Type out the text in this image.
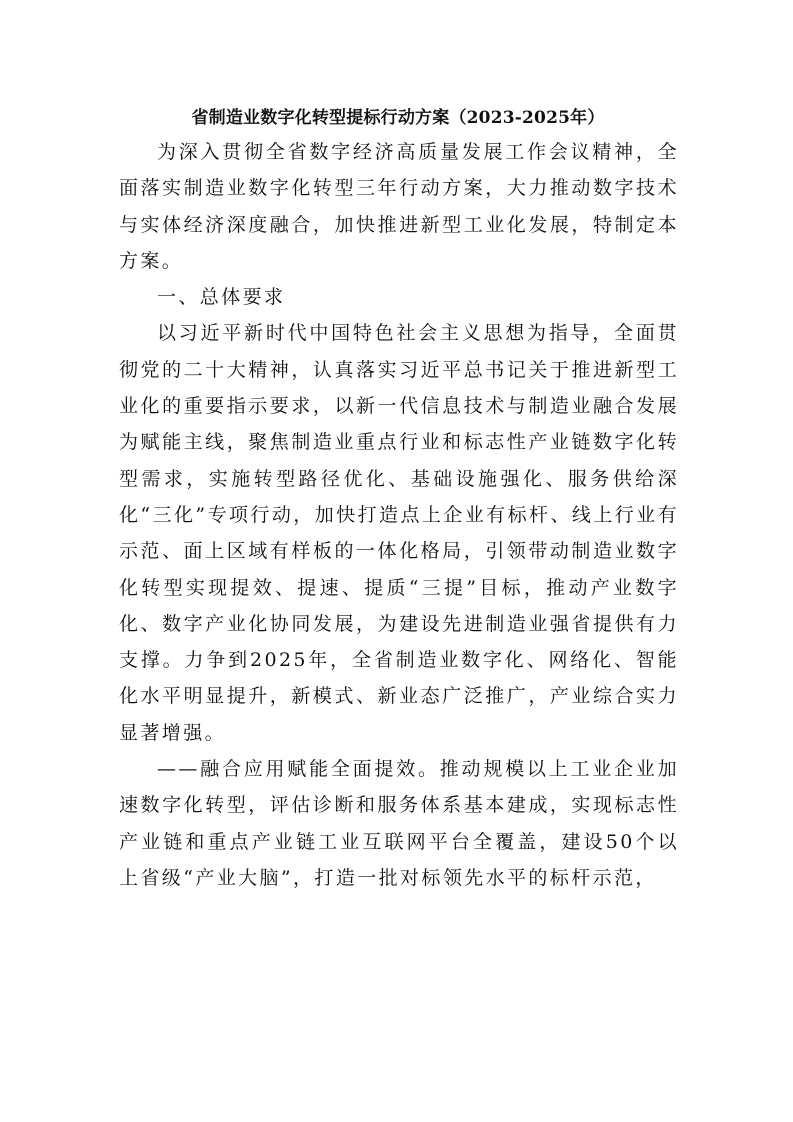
省制造业数字化转型提标行动方案（2023-2025年）

为深入贯彻全省数字经济高质量发展工作会议精神，全面落实制造业数字化转型三年行动方案，大力推动数字技术与实体经济深度融合，加快推进新型工业化发展，特制定本方案。

一、总体要求

以习近平新时代中国特色社会主义思想为指导，全面贯彻党的二十大精神，认真落实习近平总书记关于推进新型工业化的重要指示要求，以新一代信息技术与制造业融合发展为赋能主线，聚焦制造业重点行业和标志性产业链数字化转型需求，实施转型路径优化、基础设施强化、服务供给深化“三化”专项行动，加快打造点上企业有标杆、线上行业有示范、面上区域有样板的一体化格局，引领带动制造业数字化转型实现提效、提速、提质“三提”目标，推动产业数字化、数字产业化协同发展，为建设先进制造业强省提供有力支撑。力争到2025年，全省制造业数字化、网络化、智能化水平明显提升，新模式、新业态广泛推广，产业综合实力显著增强。

——融合应用赋能全面提效。推动规模以上工业企业加速数字化转型，评估诊断和服务体系基本建成，实现标志性产业链和重点产业链工业互联网平台全覆盖，建设50个以上省级“产业大脑”，打造一批对标领先水平的标杆示范，
